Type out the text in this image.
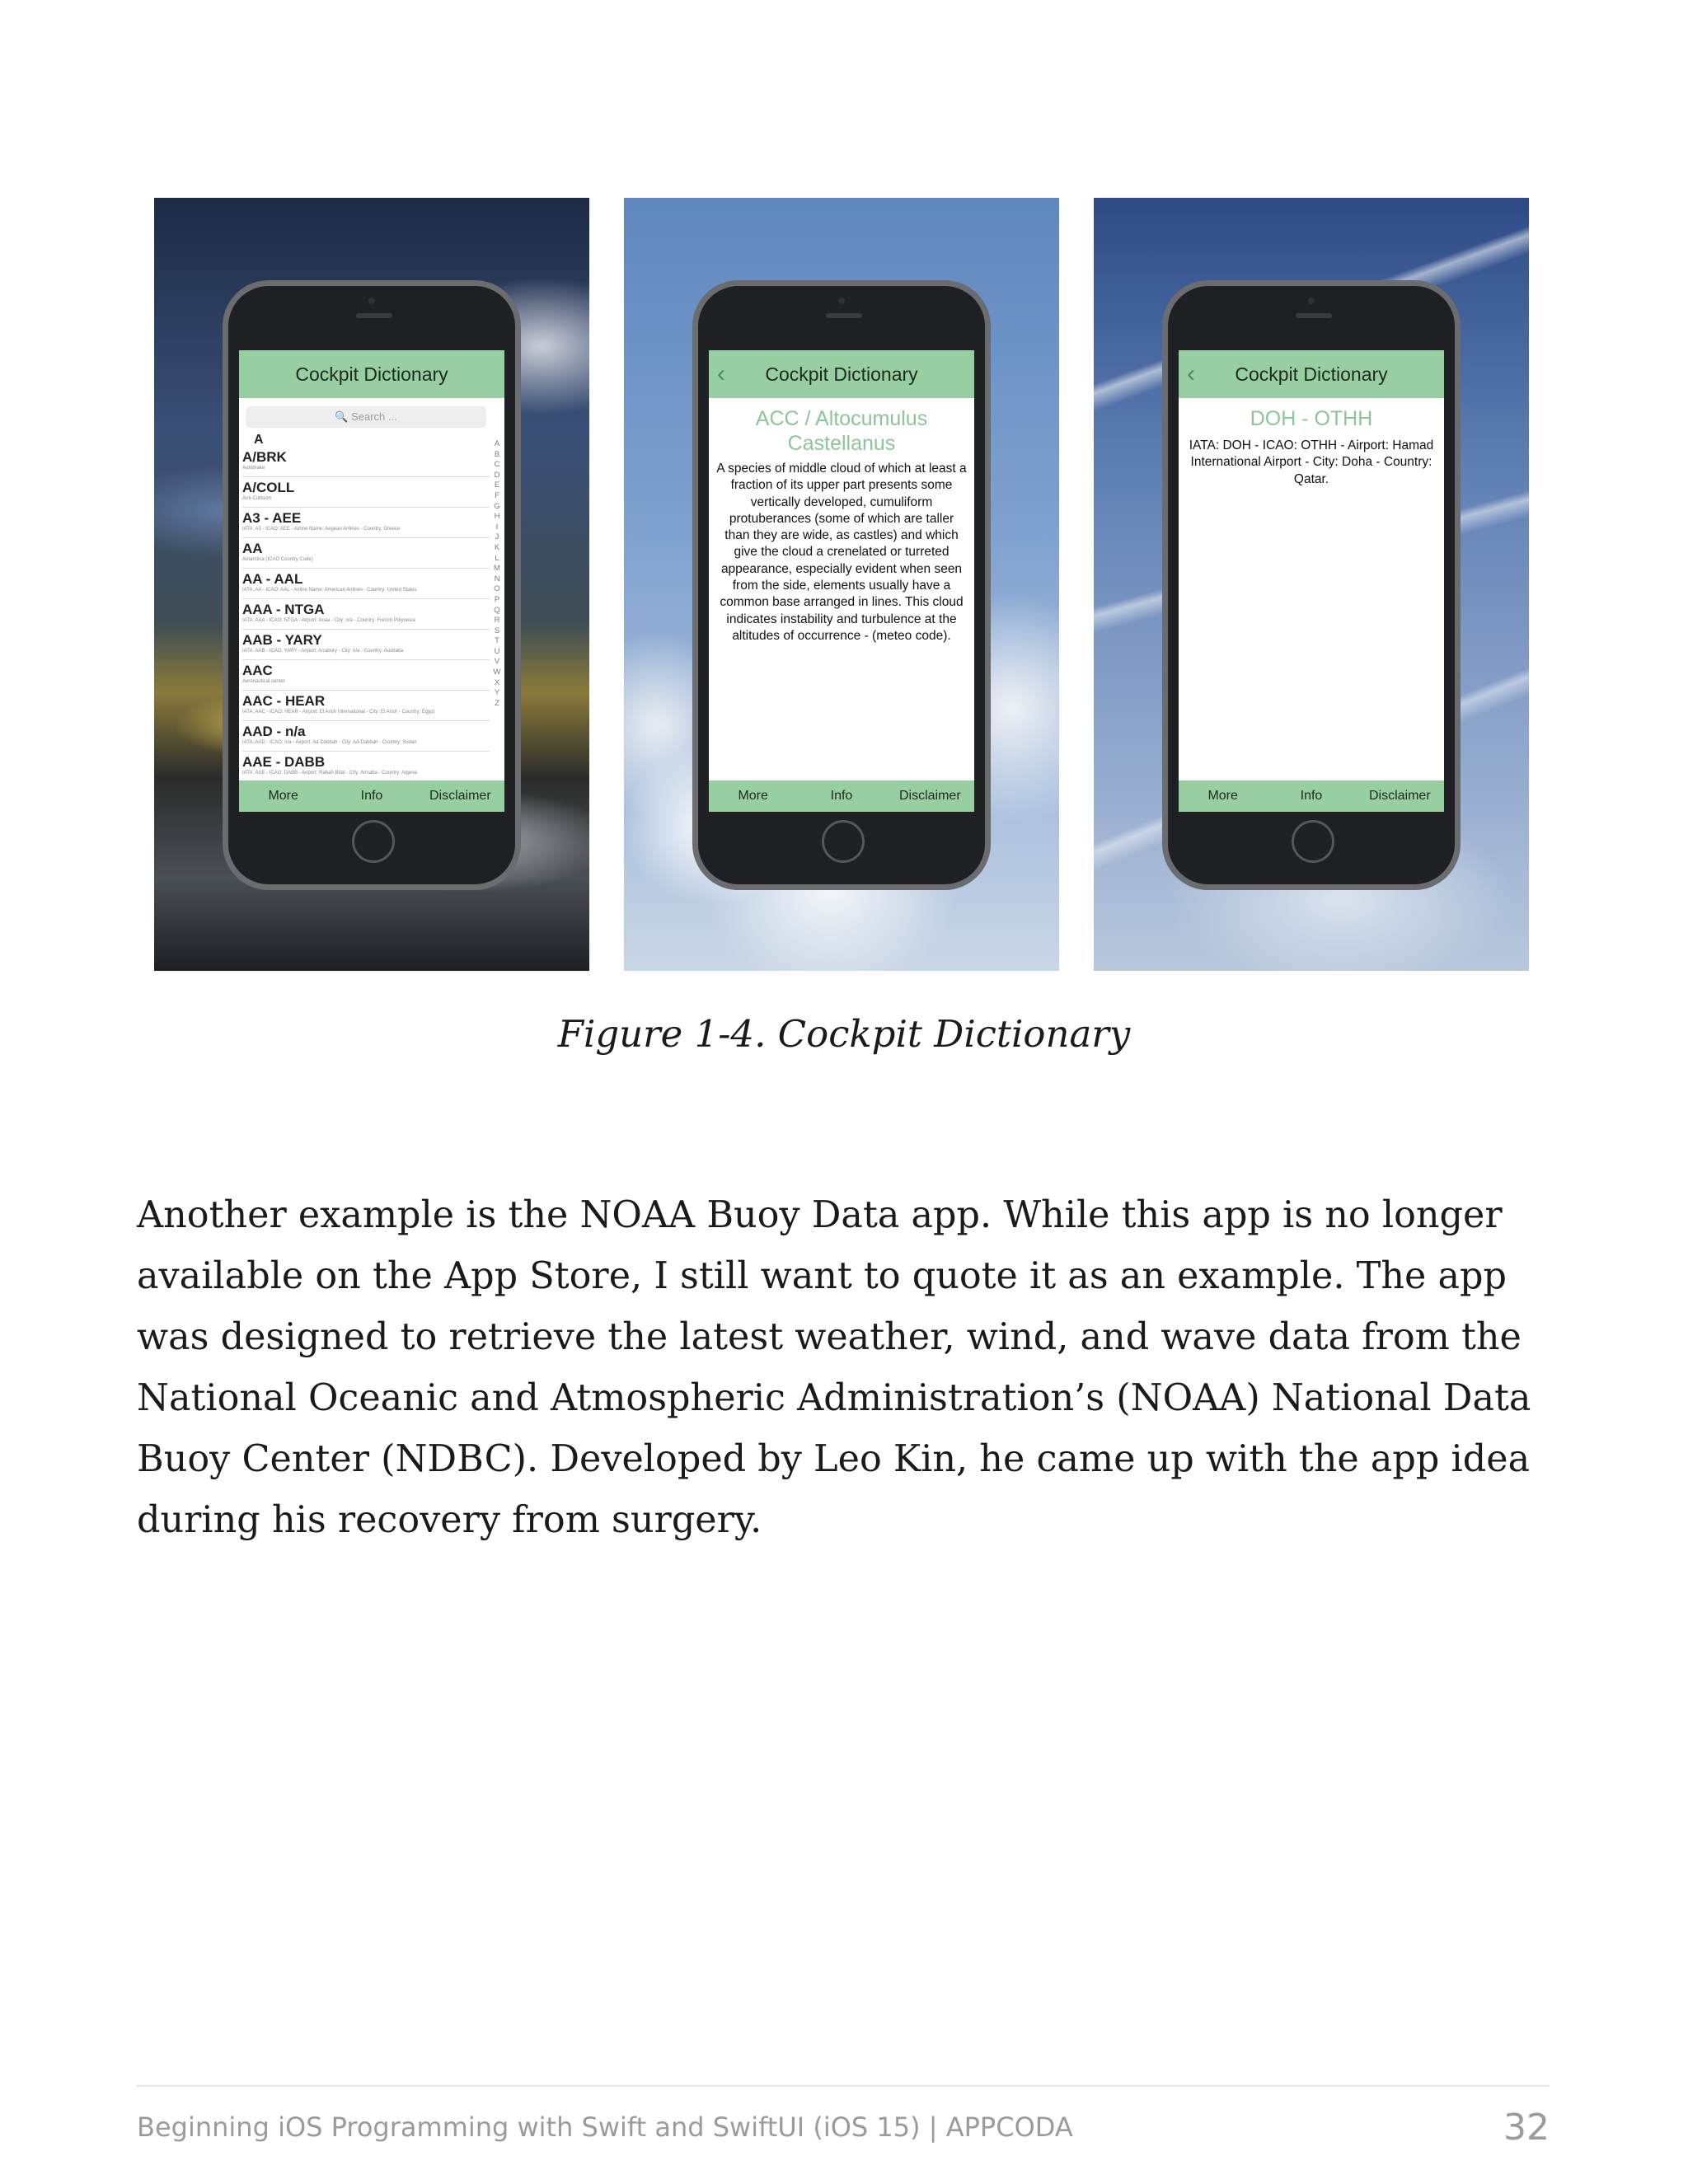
Cockpit Dictionary
🔍 Search ...
A
A/BRK
Autobrake
A/COLL
Anti-Collision
A3 - AEE
IATA: A3 - ICAO: AEE - Airline Name: Aegean Airlines - Country: Greece
AA
Antarctica (ICAO Country Code)
AA - AAL
IATA: AA - ICAO: AAL - Airline Name: American Airlines - Country: United States
AAA - NTGA
IATA: AAA - ICAO: NTGA - Airport: Anaa - City: n/a - Country: French Polynesia
AAB - YARY
IATA: AAB - ICAO: YARY - Airport: Arrabury - City: n/a - Country: Australia
AAC
Aeronautical center
AAC - HEAR
IATA: AAC - ICAO: HEAR - Airport: El Arish International - City: El Arish - Country: Egypt
AAD - n/a
IATA: AAD - ICAO: n/a - Airport: Ad-Dabbah - City: Ad-Dabbah - Country: Sudan
AAE - DABB
IATA: AAE - ICAO: DABB - Airport: Rabah Bitat - City: Annaba - Country: Algeria
A
B
C
D
E
F
G
H
I
J
K
L
M
N
O
P
Q
R
S
T
U
V
W
X
Y
Z
More	Info	Disclaimer
‹ Cockpit Dictionary
ACC / Altocumulus Castellanus
A species of middle cloud of which at least a fraction of its upper part presents some vertically developed, cumuliform protuberances (some of which are taller than they are wide, as castles) and which give the cloud a crenelated or turreted appearance, especially evident when seen from the side, elements usually have a common base arranged in lines. This cloud indicates instability and turbulence at the altitudes of occurrence - (meteo code).
More	Info	Disclaimer
‹ Cockpit Dictionary
DOH - OTHH
IATA: DOH - ICAO: OTHH - Airport: Hamad International Airport - City: Doha - Country: Qatar.
More	Info	Disclaimer
Figure 1-4. Cockpit Dictionary
Another example is the NOAA Buoy Data app. While this app is no longer available on the App Store, I still want to quote it as an example. The app was designed to retrieve the latest weather, wind, and wave data from the National Oceanic and Atmospheric Administration’s (NOAA) National Data Buoy Center (NDBC). Developed by Leo Kin, he came up with the app idea during his recovery from surgery.
Beginning iOS Programming with Swift and SwiftUI (iOS 15) | APPCODA	32
